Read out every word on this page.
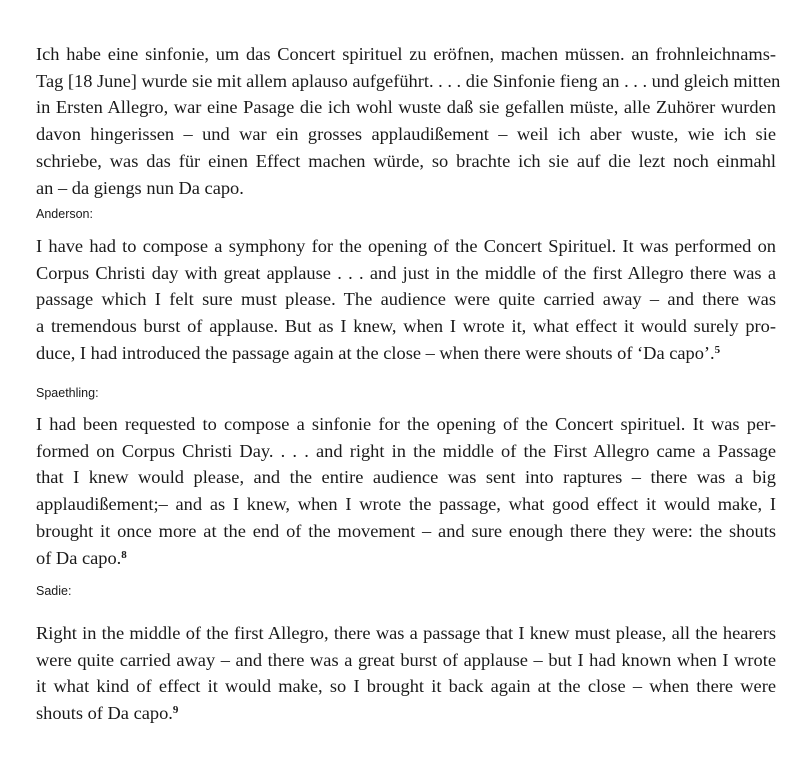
Ich habe eine sinfonie, um das Concert spirituel zu eröfnen, machen müssen. an frohnleichnams-
Tag [18 June] wurde sie mit allem aplauso aufgeführt. . . . die Sinfonie fieng an . . . und gleich mitten
in Ersten Allegro, war eine Pasage die ich wohl wuste daß sie gefallen müste, alle Zuhörer wurden
davon hingerissen – und war ein grosses applaudißement – weil ich aber wuste, wie ich sie
schriebe, was das für einen Effect machen würde, so brachte ich sie auf die lezt noch einmahl
an – da giengs nun Da capo.

Anderson:

I have had to compose a symphony for the opening of the Concert Spirituel. It was performed on
Corpus Christi day with great applause . . . and just in the middle of the first Allegro there was a
passage which I felt sure must please. The audience were quite carried away – and there was
a tremendous burst of applause. But as I knew, when I wrote it, what effect it would surely pro-
duce, I had introduced the passage again at the close – when there were shouts of ‘Da capo’.$^5$

Spaethling:

I had been requested to compose a sinfonie for the opening of the Concert spirituel. It was per-
formed on Corpus Christi Day. . . . and right in the middle of the First Allegro came a Passage
that I knew would please, and the entire audience was sent into raptures – there was a big
applaudißement;– and as I knew, when I wrote the passage, what good effect it would make, I
brought it once more at the end of the movement – and sure enough there they were: the shouts
of Da capo.$^8$

Sadie:

Right in the middle of the first Allegro, there was a passage that I knew must please, all the hearers
were quite carried away – and there was a great burst of applause – but I had known when I wrote
it what kind of effect it would make, so I brought it back again at the close – when there were
shouts of Da capo.$^9$
